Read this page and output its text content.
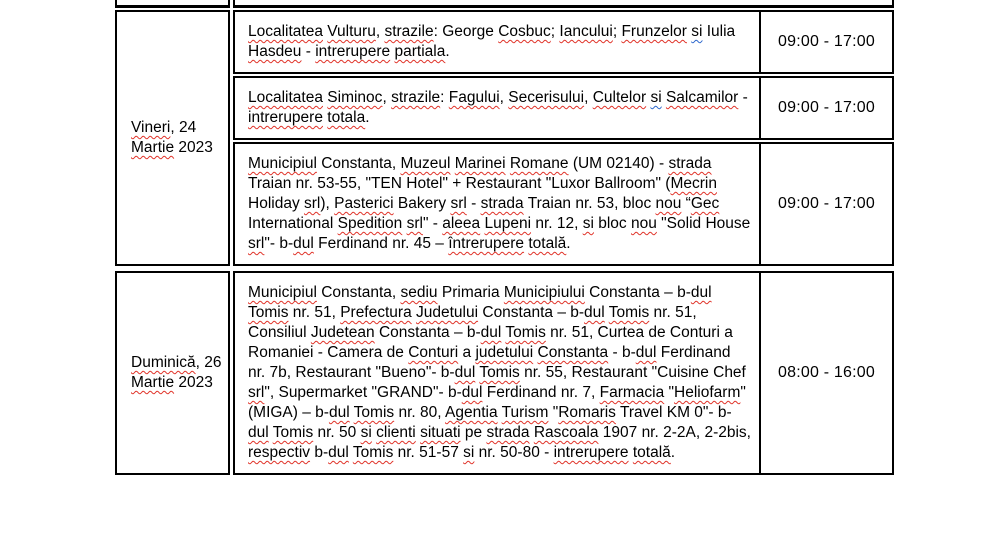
Vineri, 24 Martie 2023
Localitatea Vulturu, strazile: George Cosbuc; Iancului; Frunzelor si Iulia Hasdeu - intrerupere partiala.
09:00 - 17:00
Localitatea Siminoc, strazile: Fagului, Secerisului, Cultelor si Salcamilor - intrerupere totala.
09:00 - 17:00
Municipiul Constanta, Muzeul Marinei Romane (UM 02140) - strada Traian nr. 53-55, "TEN Hotel" + Restaurant "Luxor Ballroom" (Mecrin Holiday srl), Pasterici Bakery srl - strada Traian nr. 53, bloc nou “Gec International Spedition srl" - aleea Lupeni nr. 12, si bloc nou "Solid House srl"- b-dul Ferdinand nr. 45 – întrerupere totală.
09:00 - 17:00
Duminică, 26 Martie 2023
Municipiul Constanta, sediu Primaria Municipiului Constanta – b-dul Tomis nr. 51, Prefectura Judetului Constanta – b-dul Tomis nr. 51, Consiliul Judetean Constanta – b-dul Tomis nr. 51, Curtea de Conturi a Romaniei - Camera de Conturi a judetului Constanta - b-dul Ferdinand nr. 7b, Restaurant "Bueno"- b-dul Tomis nr. 55, Restaurant "Cuisine Chef srl", Supermarket "GRAND"- b-dul Ferdinand nr. 7, Farmacia "Heliofarm"(MIGA) – b-dul Tomis nr. 80, Agentia Turism "Romaris Travel KM 0"- b-dul Tomis nr. 50 si clienti situati pe strada Rascoala 1907 nr. 2-2A, 2-2bis, respectiv b-dul Tomis nr. 51-57 si nr. 50-80 - intrerupere totală.
08:00 - 16:00
